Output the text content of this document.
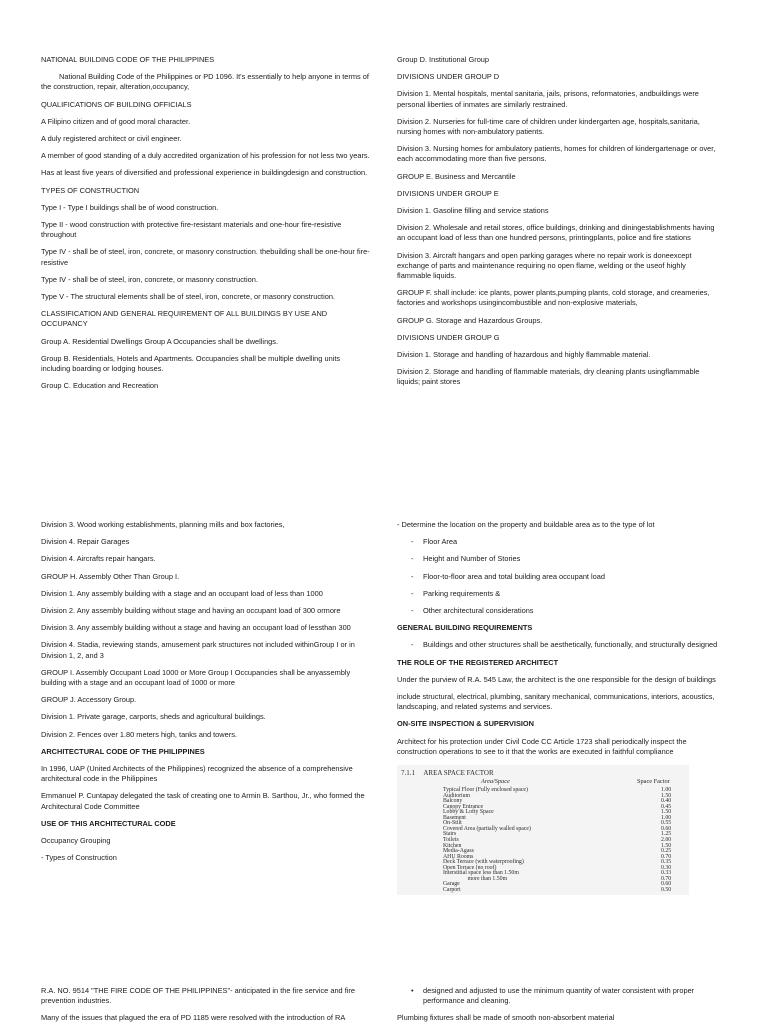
NATIONAL BUILDING CODE OF THE PHILIPPINES
National Building Code of the Philippines or PD 1096. It's essentially to help anyone in terms of the construction, repair, alteration,occupancy,
QUALIFICATIONS OF BUILDING OFFICIALS
A Filipino citizen and of good moral character.
A duly registered architect or civil engineer.
A member of good standing of a duly accredited organization of his profession for not less two years.
Has at least five years of diversified and professional experience in buildingdesign and construction.
TYPES OF CONSTRUCTION
Type I - Type I buildings shall be of wood construction.
Type II - wood construction with protective fire-resistant materials and one-hour fire-resistive throughout
Type IV - shall be of steel, iron, concrete, or masonry construction. thebuilding shall be one-hour fire-resistive
Type IV - shall be of steel, iron, concrete, or masonry construction.
Type V - The structural elements shall be of steel, iron, concrete, or masonry construction.
CLASSIFICATION AND GENERAL REQUIREMENT OF ALL BUILDINGS BY USE AND OCCUPANCY
Group A. Residential Dwellings Group A Occupancies shall be dwellings.
Group B. Residentials, Hotels and Apartments. Occupancies shall be multiple dwelling units including boarding or lodging houses.
Group C. Education and Recreation
Group D. Institutional Group
DIVISIONS UNDER GROUP D
Division 1. Mental hospitals, mental sanitaria, jails, prisons, reformatories, andbuildings were personal liberties of inmates are similarly restrained.
Division 2. Nurseries for full-time care of children under kindergarten age, hospitals,sanitaria, nursing homes with non-ambulatory patients.
Division 3. Nursing homes for ambulatory patients, homes for children of kindergartenage or over, each accommodating more than five persons.
GROUP E. Business and Mercantile
DIVISIONS UNDER GROUP E
Division 1. Gasoline filling and service stations
Division 2. Wholesale and retail stores, office buildings, drinking and diningestablishments having an occupant load of less than one hundred persons, printingplants, police and fire stations
Division 3. Aircraft hangars and open parking garages where no repair work is doneexcept exchange of parts and maintenance requiring no open flame, welding or the useof highly flammable liquids.
GROUP F. shall include: ice plants, power plants,pumping plants, cold storage, and creameries, factories and workshops usingincombustible and non-explosive materials,
GROUP G. Storage and Hazardous Groups.
DIVISIONS UNDER GROUP G
Division 1. Storage and handling of hazardous and highly flammable material.
Division 2. Storage and handling of flammable materials, dry cleaning plants usingflammable liquids; paint stores
Division 3. Wood working establishments, planning mills and box factories,
Division 4. Repair Garages
Division 4. Aircrafts repair hangars.
GROUP H. Assembly Other Than Group I.
Division 1. Any assembly building with a stage and an occupant load of less than 1000
Division 2. Any assembly building without stage and having an occupant load of 300 ormore
Division 3. Any assembly building without a stage and having an occupant load of lessthan 300
Division 4. Stadia, reviewing stands, amusement park structures not included withinGroup I or in Division 1, 2, and 3
GROUP I. Assembly Occupant Load 1000 or More Group I Occupancies shall be anyassembly building with a stage and an occupant load of 1000 or more
GROUP J. Accessory Group.
Division 1. Private garage, carports, sheds and agricultural buildings.
Division 2. Fences over 1.80 meters high, tanks and towers.
ARCHITECTURAL CODE OF THE PHILIPPINES
In 1996, UAP (United Architects of the Philippines) recognized the absence of a comprehensive architectural code in the Philippines
Emmanuel P. Cuntapay delegated the task of creating one to Armin B. Sarthou, Jr., who formed the Architectural Code Committee
USE OF THIS ARCHITECTURAL CODE
Occupancy Grouping
- Types of Construction
- Determine the location on the property and buildable area as to the type of lot
- Floor Area
- Height and Number of Stories
- Floor-to-floor area and total building area occupant load
- Parking requirements &
- Other architectural considerations
GENERAL BUILDING REQUIREMENTS
- Buildings and other structures shall be aesthetically, functionally, and structurally designed
THE ROLE OF THE REGISTERED ARCHITECT
Under the purview of R.A. 545 Law, the architect is the one responsible for the design of buildings
include structural, electrical, plumbing, sanitary mechanical, communications, interiors, acoustics, landscaping, and related systems and services.
ON-SITE INSPECTION & SUPERVISION
Architect for his protection under Civil Code CC Article 1723 shall periodically inspect the construction operations to see to it that the works are executed in faithful compliance
7.1.1     AREA SPACE FACTOR
Area/Space	Space Factor
Typical Floor (Fully enclosed space)	1.00
Auditorium	1.50
Balcony	0.40
Canopy Entrance	0.45
Lobby & Lofty Space	1.50
Basement	1.00
On-Stilt	0.55
Covered Area (partially walled space)	0.60
Stairs	1.25
Toilets	2.00
Kitchen	1.50
Media-Agass	0.25
AHU Rooms	0.70
Deck Terrace (with waterproofing)	0.35
Open Terrace (no roof)	0.30
Interstitial space less than 1.50m	0.33
more than 1.50m	0.70
Garage	0.60
Carport	0.50
R.A. NO. 9514 "THE FIRE CODE OF THE PHILIPPINES"- anticipated in the fire service and fire prevention industries.
Many of the issues that plagued the era of PD 1185 were resolved with the introduction of RA
• designed and adjusted to use the minimum quantity of water consistent with proper performance and cleaning.
Plumbing fixtures shall be made of smooth non-absorbent material
